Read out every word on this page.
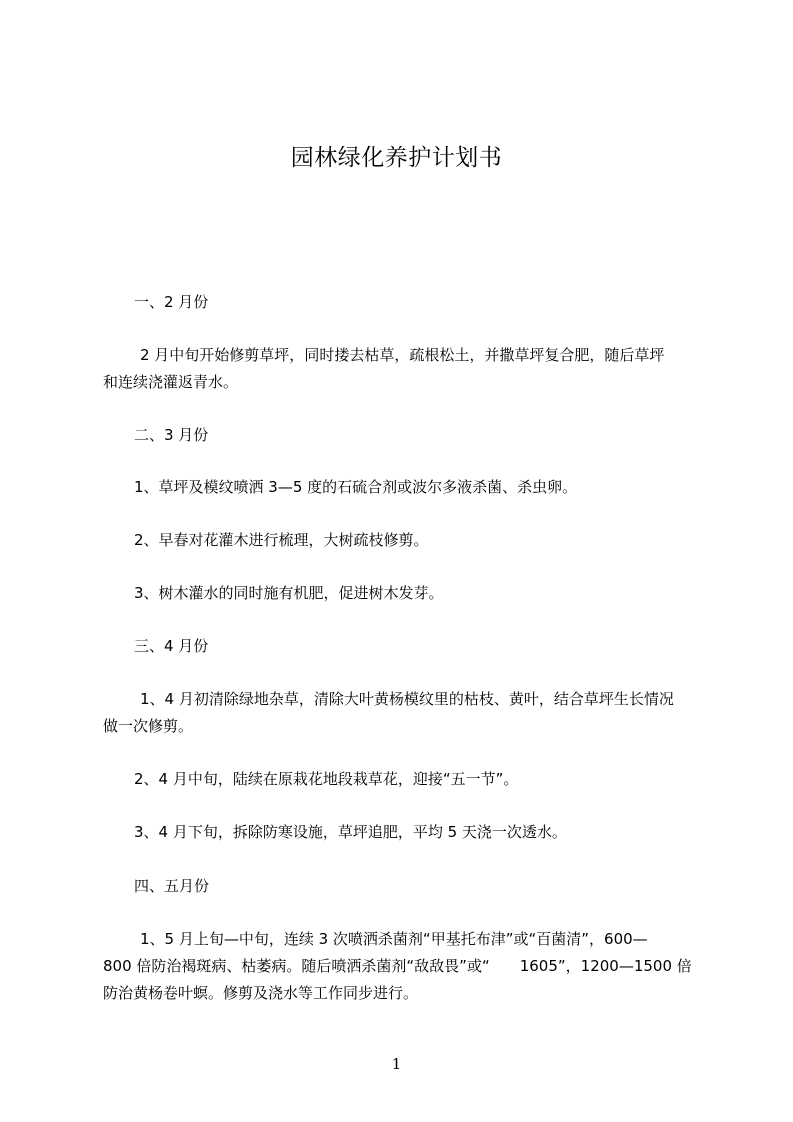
园林绿化养护计划书
一、2 月份
2 月中旬开始修剪草坪，同时搂去枯草，疏根松土，并撒草坪复合肥，随后草坪
和连续浇灌返青水。
二、3 月份
1、草坪及模纹喷洒 3—5 度的石硫合剂或波尔多液杀菌、杀虫卵。
2、早春对花灌木进行梳理，大树疏枝修剪。
3、树木灌水的同时施有机肥，促进树木发芽。
三、4 月份
1、4 月初清除绿地杂草，清除大叶黄杨模纹里的枯枝、黄叶，结合草坪生长情况
做一次修剪。
2、4 月中旬，陆续在原栽花地段栽草花，迎接“五一节”。
3、4 月下旬，拆除防寒设施，草坪追肥，平均 5 天浇一次透水。
四、五月份
1、5 月上旬—中旬，连续 3 次喷洒杀菌剂“甲基托布津”或“百菌清”，600—
800 倍防治褐斑病、枯萎病。随后喷洒杀菌剂“敌敌畏”或“　　1605”，1200—1500 倍
防治黄杨卷叶螟。修剪及浇水等工作同步进行。
1
